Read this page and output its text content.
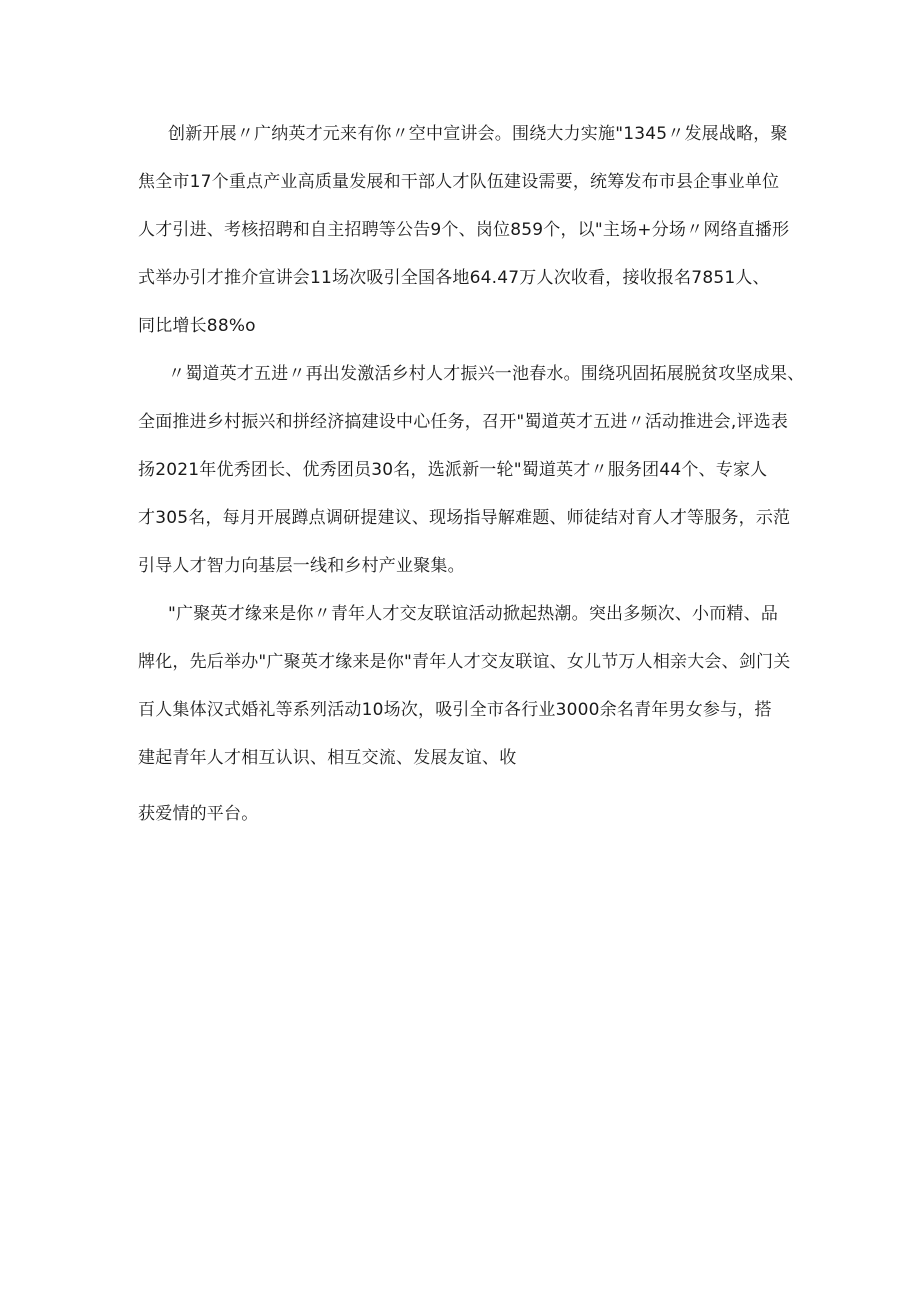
创新开展〃广纳英才元来有你〃空中宣讲会。围绕大力实施"1345〃发展战略，聚
焦全市17个重点产业高质量发展和干部人才队伍建设需要，统筹发布市县企事业单位
人才引进、考核招聘和自主招聘等公告9个、岗位859个，以"主场+分场〃网络直播形
式举办引才推介宣讲会11场次吸引全国各地64.47万人次收看，接收报名7851人、
同比增长88%o
〃蜀道英才五进〃再出发激活乡村人才振兴一池春水。围绕巩固拓展脱贫攻坚成果、
全面推进乡村振兴和拼经济搞建设中心任务，召开"蜀道英才五进〃活动推进会,评选表
扬2021年优秀团长、优秀团员30名，选派新一轮"蜀道英才〃服务团44个、专家人
才305名，每月开展蹲点调研提建议、现场指导解难题、师徒结对育人才等服务，示范
引导人才智力向基层一线和乡村产业聚集。
"广聚英才缘来是你〃青年人才交友联谊活动掀起热潮。突出多频次、小而精、品
牌化，先后举办"广聚英才缘来是你"青年人才交友联谊、女儿节万人相亲大会、剑门关
百人集体汉式婚礼等系列活动10场次，吸引全市各行业3000余名青年男女参与，搭
建起青年人才相互认识、相互交流、发展友谊、收
获爱情的平台。
